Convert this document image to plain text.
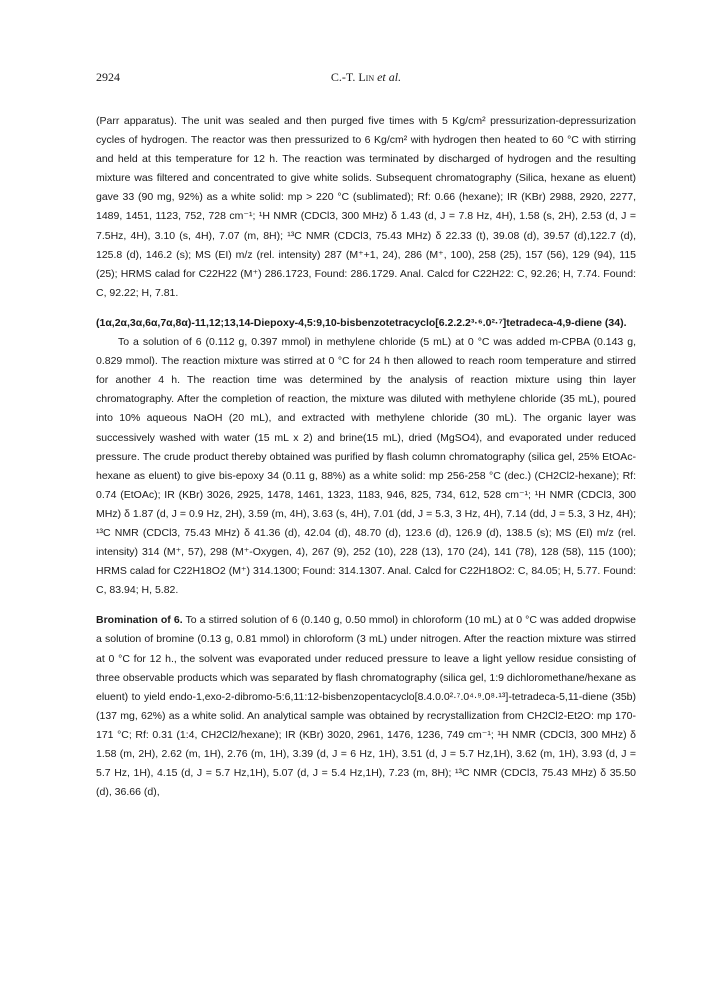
2924	C.-T. Lin et al.

(Parr apparatus). The unit was sealed and then purged five times with 5 Kg/cm² pressurization-depressurization cycles of hydrogen. The reactor was then pressurized to 6 Kg/cm² with hydrogen then heated to 60 °C with stirring and held at this temperature for 12 h. The reaction was terminated by discharged of hydrogen and the resulting mixture was filtered and concentrated to give white solids. Subsequent chromatography (Silica, hexane as eluent) gave 33 (90 mg, 92%) as a white solid: mp > 220 °C (sublimated); Rf: 0.66 (hexane); IR (KBr) 2988, 2920, 2277, 1489, 1451, 1123, 752, 728 cm⁻¹; ¹H NMR (CDCl3, 300 MHz) δ 1.43 (d, J = 7.8 Hz, 4H), 1.58 (s, 2H), 2.53 (d, J = 7.5Hz, 4H), 3.10 (s, 4H), 7.07 (m, 8H); ¹³C NMR (CDCl3, 75.43 MHz) δ 22.33 (t), 39.08 (d), 39.57 (d),122.7 (d), 125.8 (d), 146.2 (s); MS (EI) m/z (rel. intensity) 287 (M⁺+1, 24), 286 (M⁺, 100), 258 (25), 157 (56), 129 (94), 115 (25); HRMS calad for C22H22 (M⁺) 286.1723, Found: 286.1729. Anal. Calcd for C22H22: C, 92.26; H, 7.74. Found: C, 92.22; H, 7.81.

(1α,2α,3α,6α,7α,8α)-11,12;13,14-Diepoxy-4,5:9,10-bisbenzotetracyclo[6.2.2.2³·⁶.0²·⁷]tetradeca-4,9-diene (34).

To a solution of 6 (0.112 g, 0.397 mmol) in methylene chloride (5 mL) at 0 °C was added m-CPBA (0.143 g, 0.829 mmol). The reaction mixture was stirred at 0 °C for 24 h then allowed to reach room temperature and stirred for another 4 h. The reaction time was determined by the analysis of reaction mixture using thin layer chromatography. After the completion of reaction, the mixture was diluted with methylene chloride (35 mL), poured into 10% aqueous NaOH (20 mL), and extracted with methylene chloride (30 mL). The organic layer was successively washed with water (15 mL x 2) and brine(15 mL), dried (MgSO4), and evaporated under reduced pressure. The crude product thereby obtained was purified by flash column chromatography (silica gel, 25% EtOAc-hexane as eluent) to give bis-epoxy 34 (0.11 g, 88%) as a white solid: mp 256-258 °C (dec.) (CH2Cl2-hexane); Rf: 0.74 (EtOAc); IR (KBr) 3026, 2925, 1478, 1461, 1323, 1183, 946, 825, 734, 612, 528 cm⁻¹; ¹H NMR (CDCl3, 300 MHz) δ 1.87 (d, J = 0.9 Hz, 2H), 3.59 (m, 4H), 3.63 (s, 4H), 7.01 (dd, J = 5.3, 3 Hz, 4H), 7.14 (dd, J = 5.3, 3 Hz, 4H); ¹³C NMR (CDCl3, 75.43 MHz) δ 41.36 (d), 42.04 (d), 48.70 (d), 123.6 (d), 126.9 (d), 138.5 (s); MS (EI) m/z (rel. intensity) 314 (M⁺, 57), 298 (M⁺-Oxygen, 4), 267 (9), 252 (10), 228 (13), 170 (24), 141 (78), 128 (58), 115 (100); HRMS calad for C22H18O2 (M⁺) 314.1300; Found: 314.1307. Anal. Calcd for C22H18O2: C, 84.05; H, 5.77. Found: C, 83.94; H, 5.82.

Bromination of 6. To a stirred solution of 6 (0.140 g, 0.50 mmol) in chloroform (10 mL) at 0 °C was added dropwise a solution of bromine (0.13 g, 0.81 mmol) in chloroform (3 mL) under nitrogen. After the reaction mixture was stirred at 0 °C for 12 h., the solvent was evaporated under reduced pressure to leave a light yellow residue consisting of three observable products which was separated by flash chromatography (silica gel, 1:9 dichloromethane/hexane as eluent) to yield endo-1,exo-2-dibromo-5:6,11:12-bisbenzopentacyclo[8.4.0.0²·⁷.0⁴·⁹.0⁸·¹³]-tetradeca-5,11-diene (35b) (137 mg, 62%) as a white solid. An analytical sample was obtained by recrystallization from CH2Cl2-Et2O: mp 170-171 °C; Rf: 0.31 (1:4, CH2Cl2/hexane); IR (KBr) 3020, 2961, 1476, 1236, 749 cm⁻¹; ¹H NMR (CDCl3, 300 MHz) δ 1.58 (m, 2H), 2.62 (m, 1H), 2.76 (m, 1H), 3.39 (d, J = 6 Hz, 1H), 3.51 (d, J = 5.7 Hz,1H), 3.62 (m, 1H), 3.93 (d, J = 5.7 Hz, 1H), 4.15 (d, J = 5.7 Hz,1H), 5.07 (d, J = 5.4 Hz,1H), 7.23 (m, 8H); ¹³C NMR (CDCl3, 75.43 MHz) δ 35.50 (d), 36.66 (d),
